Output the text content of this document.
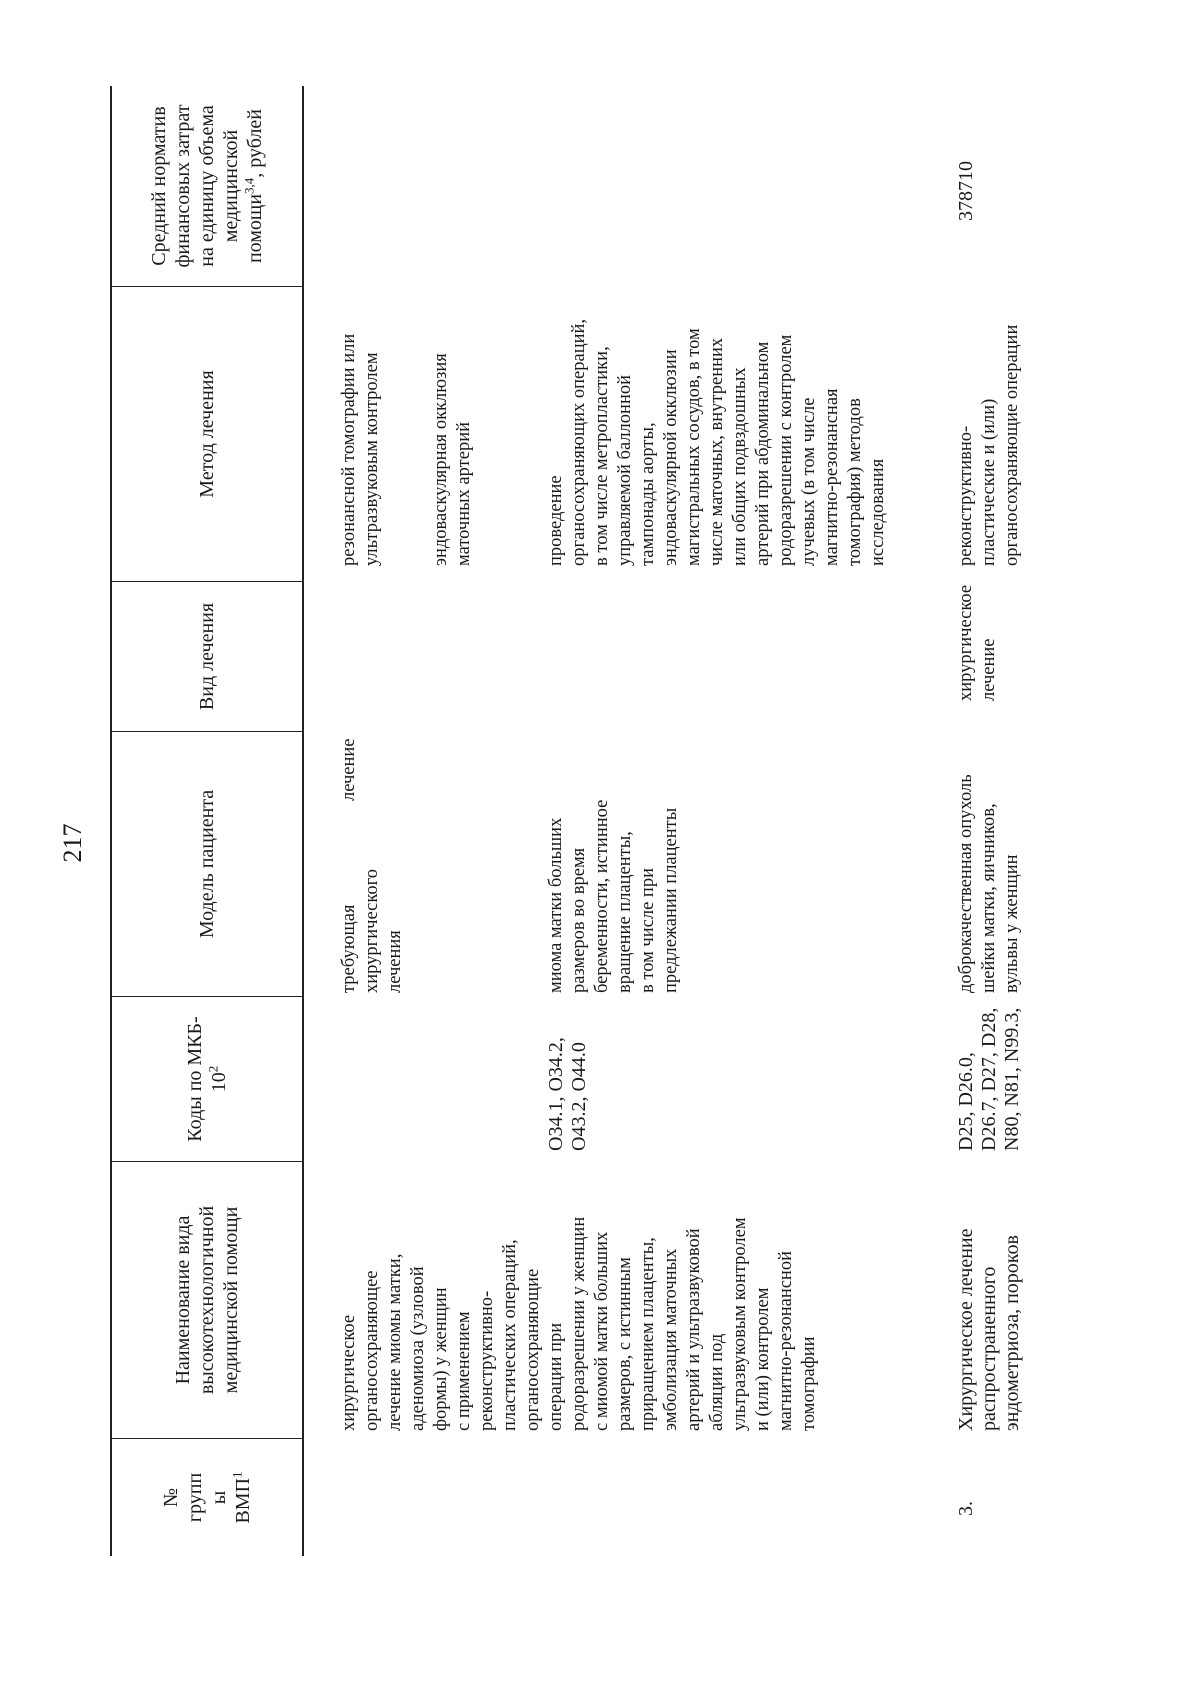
217
№
групп
ы
ВМП$^1$
Наименование вида
высокотехнологичной
медицинской помощи
Коды по МКБ-
$10^2$
Модель пациента
Вид лечения
Метод лечения
Средний норматив
финансовых затрат
на единицу объема
медицинской
помощи$^{3,4}$, рублей
требующая хирургического
лечения
лечение
резонансной томографии или
ультразвуковым контролем

эндоваскулярная окклюзия
маточных артерий
хирургическое
органосохраняющее
лечение миомы матки,
аденомиоза (узловой
формы) у женщин
с применением
реконструктивно-
пластических операций,
органосохраняющие
операции при
родоразрешении у женщин
с миомой матки больших
размеров, с истинным
приращением плаценты,
эмболизация маточных
артерий и ультразвуковой
абляции под
ультразвуковым контролем
и (или) контролем
магнитно-резонансной
томографии
O34.1, O34.2,
O43.2, O44.0
миома матки больших
размеров во время
беременности, истинное
вращение плаценты,
в том числе при
предлежании плаценты
проведение
органосохраняющих операций,
в том числе метропластики,
управляемой баллонной
тампонады аорты,
эндоваскулярной окклюзии
магистральных сосудов, в том
числе маточных, внутренних
или общих подвздошных
артерий при абдоминальном
родоразрешении с контролем
лучевых (в том числе
магнитно-резонансная
томография) методов
исследования
3.
Хирургическое лечение
распространенного
эндометриоза, пороков
D25, D26.0,
D26.7, D27, D28,
N80, N81, N99.3,
доброкачественная опухоль
шейки матки, яичников,
вульвы у женщин
хирургическое
лечение
реконструктивно-
пластические и (или)
органосохраняющие операции
378710
